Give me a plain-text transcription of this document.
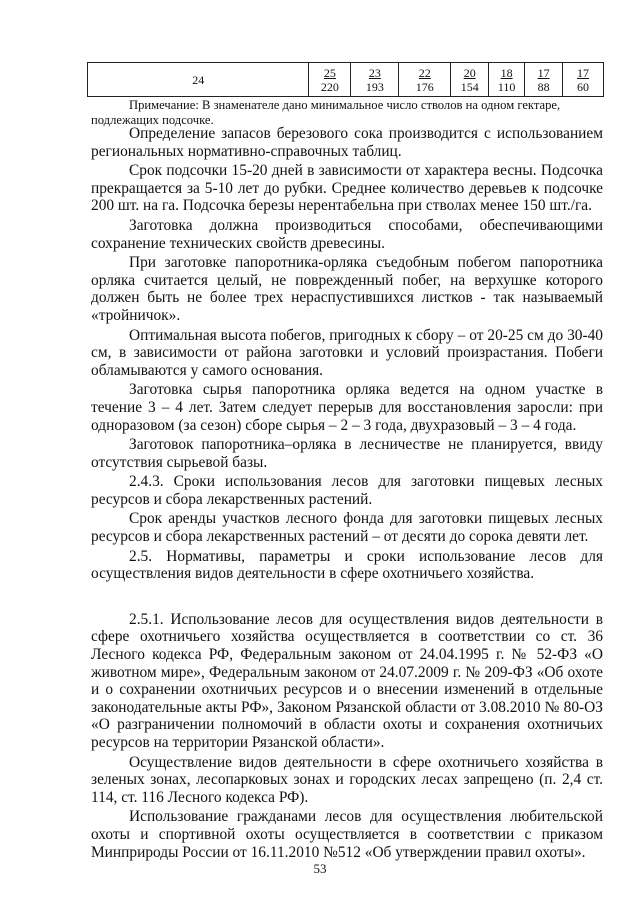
24	$\frac{25}{220}$	$\frac{23}{193}$	$\frac{22}{176}$	$\frac{20}{154}$	$\frac{18}{110}$	$\frac{17}{88}$	$\frac{17}{60}$

Примечание: В знаменателе дано минимальное число стволов на одном гектаре,

подлежащих подсочке.

Определение запасов березового сока производится с использованием региональных нормативно-справочных таблиц.

Срок подсочки 15-20 дней в зависимости от характера весны. Подсочка прекращается за 5-10 лет до рубки. Среднее количество деревьев к подсочке 200 шт. на га. Подсочка березы нерентабельна при стволах менее 150 шт./га.

Заготовка должна производиться способами, обеспечивающими сохранение технических свойств древесины.

При заготовке папоротника-орляка съедобным побегом папоротника орляка считается целый, не поврежденный побег, на верхушке которого должен быть не более трех нераспустившихся листков - так называемый «тройничок».

Оптимальная высота побегов, пригодных к сбору – от 20-25 см до 30-40 см, в зависимости от района заготовки и условий произрастания. Побеги обламываются у самого основания.

Заготовка сырья папоротника орляка ведется на одном участке в течение 3 – 4 лет. Затем следует перерыв для восстановления заросли: при одноразовом (за сезон) сборе сырья – 2 – 3 года, двухразовый – 3 – 4 года.

Заготовок папоротника–орляка в лесничестве не планируется, ввиду отсутствия сырьевой базы.

2.4.3. Сроки использования лесов для заготовки пищевых лесных ресурсов и сбора лекарственных растений.

Срок аренды участков лесного фонда для заготовки пищевых лесных ресурсов и сбора лекарственных растений – от десяти до сорока девяти лет.

2.5. Нормативы, параметры и сроки использование лесов для осуществления видов деятельности в сфере охотничьего хозяйства.

2.5.1. Использование лесов для осуществления видов деятельности в сфере охотничьего хозяйства осуществляется в соответствии со ст. 36 Лесного кодекса РФ, Федеральным законом от 24.04.1995 г. № 52-ФЗ «О животном мире», Федеральным законом от 24.07.2009 г. № 209-ФЗ «Об охоте и о сохранении охотничьих ресурсов и о внесении изменений в отдельные законодательные акты РФ», Законом Рязанской области от 3.08.2010 № 80-ОЗ «О разграничении полномочий в области охоты и сохранения охотничьих ресурсов на территории Рязанской области».

Осуществление видов деятельности в сфере охотничьего хозяйства в зеленых зонах, лесопарковых зонах и городских лесах запрещено (п. 2,4 ст. 114, ст. 116 Лесного кодекса РФ).

Использование гражданами лесов для осуществления любительской охоты и спортивной охоты осуществляется в соответствии с приказом Минприроды России от 16.11.2010 №512 «Об утверждении правил охоты».

53
